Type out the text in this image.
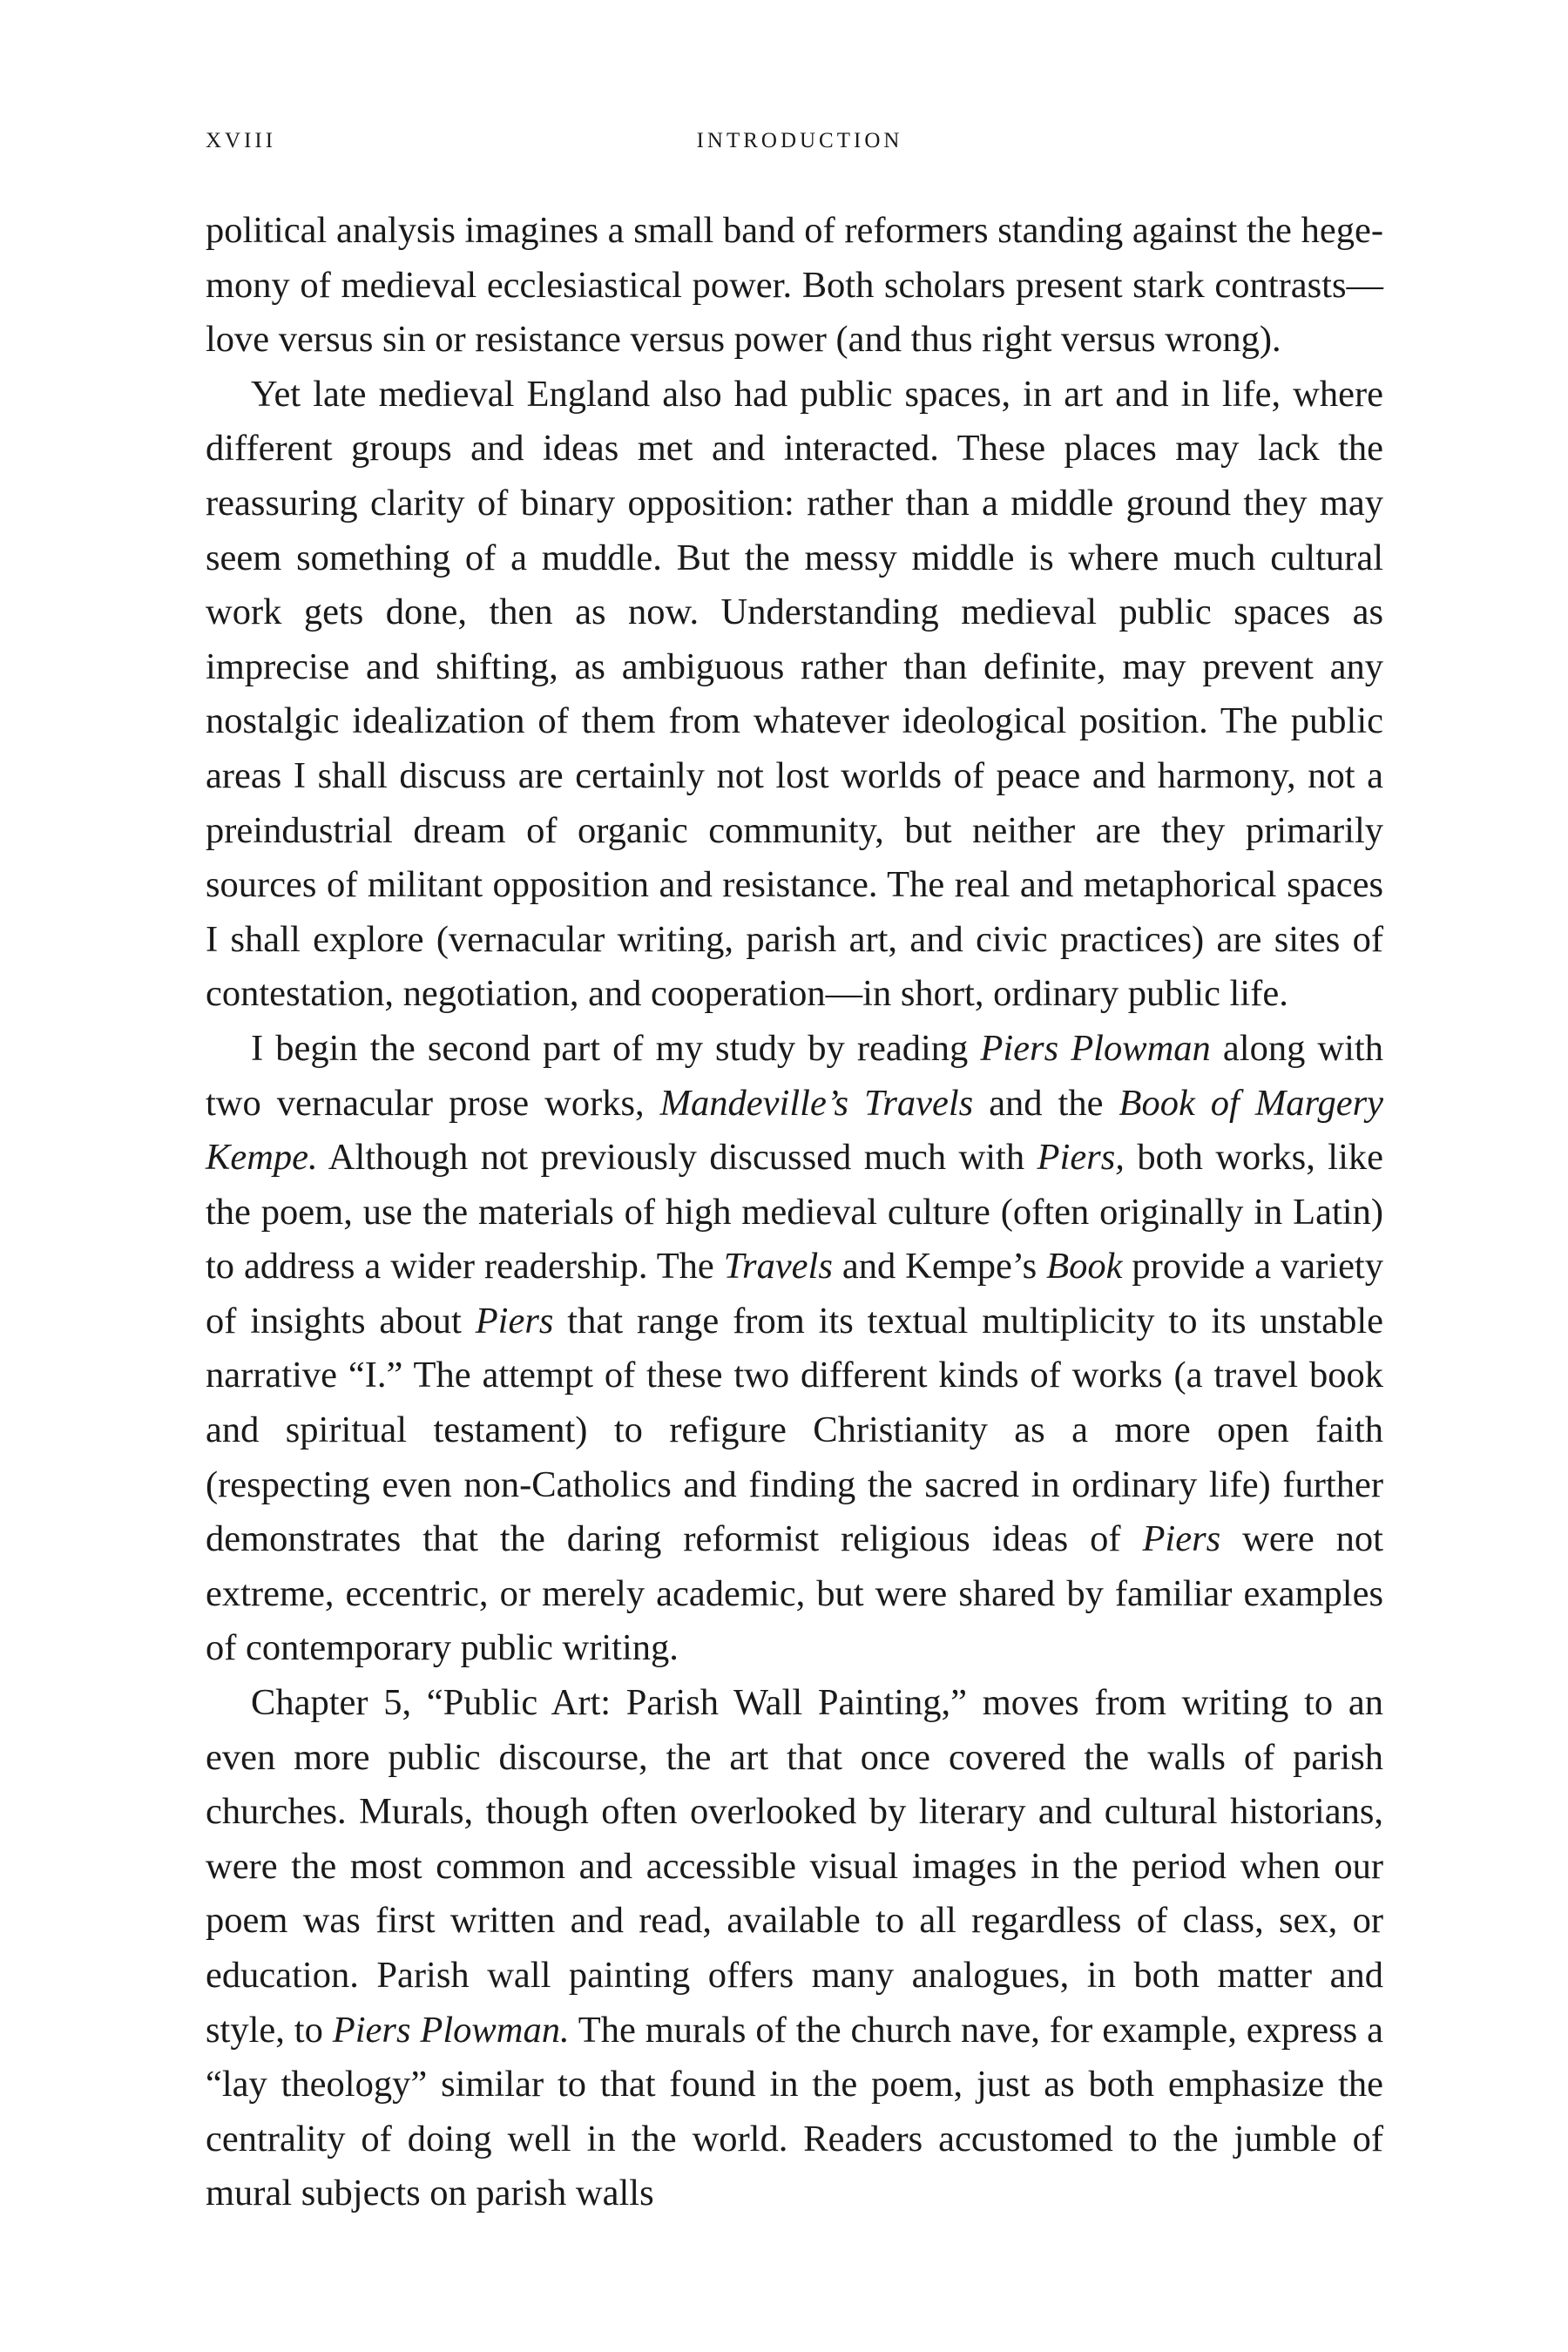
XVIII	INTRODUCTION

political analysis imagines a small band of reformers standing against the hegemony of medieval ecclesiastical power. Both scholars present stark contrasts—love versus sin or resistance versus power (and thus right versus wrong).

Yet late medieval England also had public spaces, in art and in life, where different groups and ideas met and interacted. These places may lack the reassuring clarity of binary opposition: rather than a middle ground they may seem something of a muddle. But the messy middle is where much cultural work gets done, then as now. Understanding medieval public spaces as imprecise and shifting, as ambiguous rather than definite, may prevent any nostalgic idealization of them from whatever ideological position. The public areas I shall discuss are certainly not lost worlds of peace and harmony, not a preindustrial dream of organic community, but neither are they primarily sources of militant opposition and resistance. The real and metaphorical spaces I shall explore (vernacular writing, parish art, and civic practices) are sites of contestation, negotiation, and cooperation—in short, ordinary public life.

I begin the second part of my study by reading Piers Plowman along with two vernacular prose works, Mandeville’s Travels and the Book of Margery Kempe. Although not previously discussed much with Piers, both works, like the poem, use the materials of high medieval culture (often originally in Latin) to address a wider readership. The Travels and Kempe’s Book provide a variety of insights about Piers that range from its textual multiplicity to its unstable narrative “I.” The attempt of these two different kinds of works (a travel book and spiritual testament) to refigure Christianity as a more open faith (respecting even non-Catholics and finding the sacred in ordinary life) further demonstrates that the daring reformist religious ideas of Piers were not extreme, eccentric, or merely academic, but were shared by familiar examples of contemporary public writing.

Chapter 5, “Public Art: Parish Wall Painting,” moves from writing to an even more public discourse, the art that once covered the walls of parish churches. Murals, though often overlooked by literary and cultural historians, were the most common and accessible visual images in the period when our poem was first written and read, available to all regardless of class, sex, or education. Parish wall painting offers many analogues, in both matter and style, to Piers Plowman. The murals of the church nave, for example, express a “lay theology” similar to that found in the poem, just as both emphasize the centrality of doing well in the world. Readers accustomed to the jumble of mural subjects on parish walls
